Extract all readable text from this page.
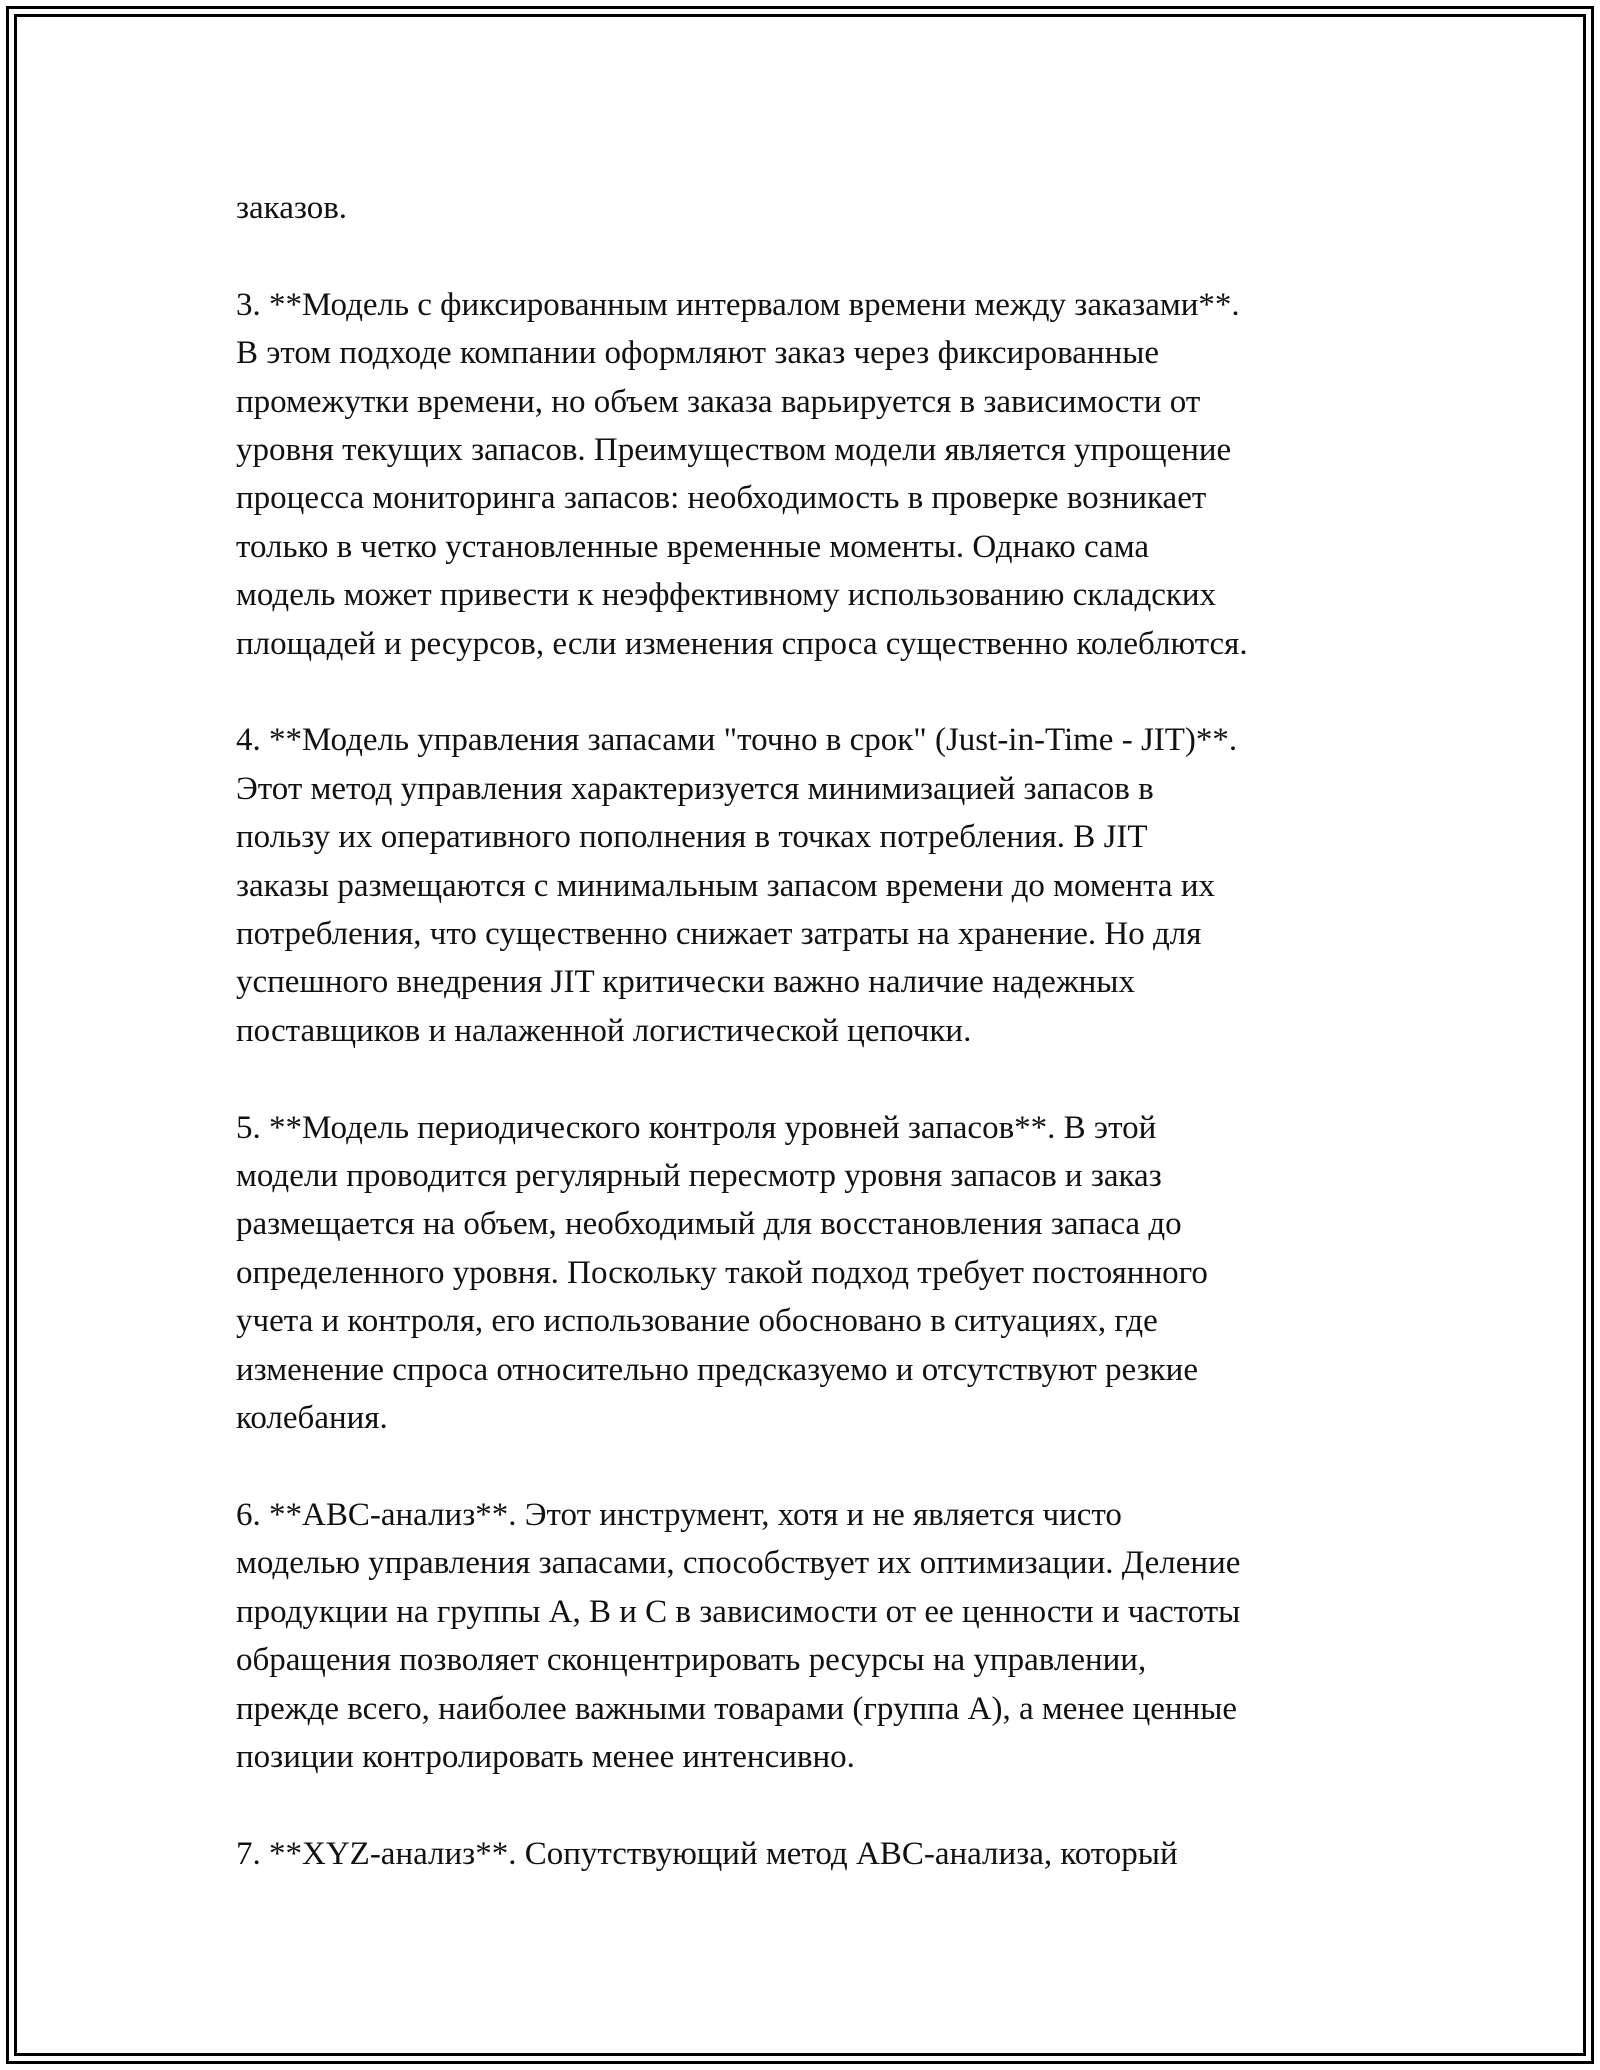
заказов.

3. **Модель с фиксированным интервалом времени между заказами**.
В этом подходе компании оформляют заказ через фиксированные
промежутки времени, но объем заказа варьируется в зависимости от
уровня текущих запасов. Преимуществом модели является упрощение
процесса мониторинга запасов: необходимость в проверке возникает
только в четко установленные временные моменты. Однако сама
модель может привести к неэффективному использованию складских
площадей и ресурсов, если изменения спроса существенно колеблются.

4. **Модель управления запасами "точно в срок" (Just-in-Time - JIT)**.
Этот метод управления характеризуется минимизацией запасов в
пользу их оперативного пополнения в точках потребления. В JIT
заказы размещаются с минимальным запасом времени до момента их
потребления, что существенно снижает затраты на хранение. Но для
успешного внедрения JIT критически важно наличие надежных
поставщиков и налаженной логистической цепочки.

5. **Модель периодического контроля уровней запасов**. В этой
модели проводится регулярный пересмотр уровня запасов и заказ
размещается на объем, необходимый для восстановления запаса до
определенного уровня. Поскольку такой подход требует постоянного
учета и контроля, его использование обосновано в ситуациях, где
изменение спроса относительно предсказуемо и отсутствуют резкие
колебания.

6. **ABC-анализ**. Этот инструмент, хотя и не является чисто
моделью управления запасами, способствует их оптимизации. Деление
продукции на группы A, B и C в зависимости от ее ценности и частоты
обращения позволяет сконцентрировать ресурсы на управлении,
прежде всего, наиболее важными товарами (группа A), а менее ценные
позиции контролировать менее интенсивно.

7. **XYZ-анализ**. Сопутствующий метод ABC-анализа, который
